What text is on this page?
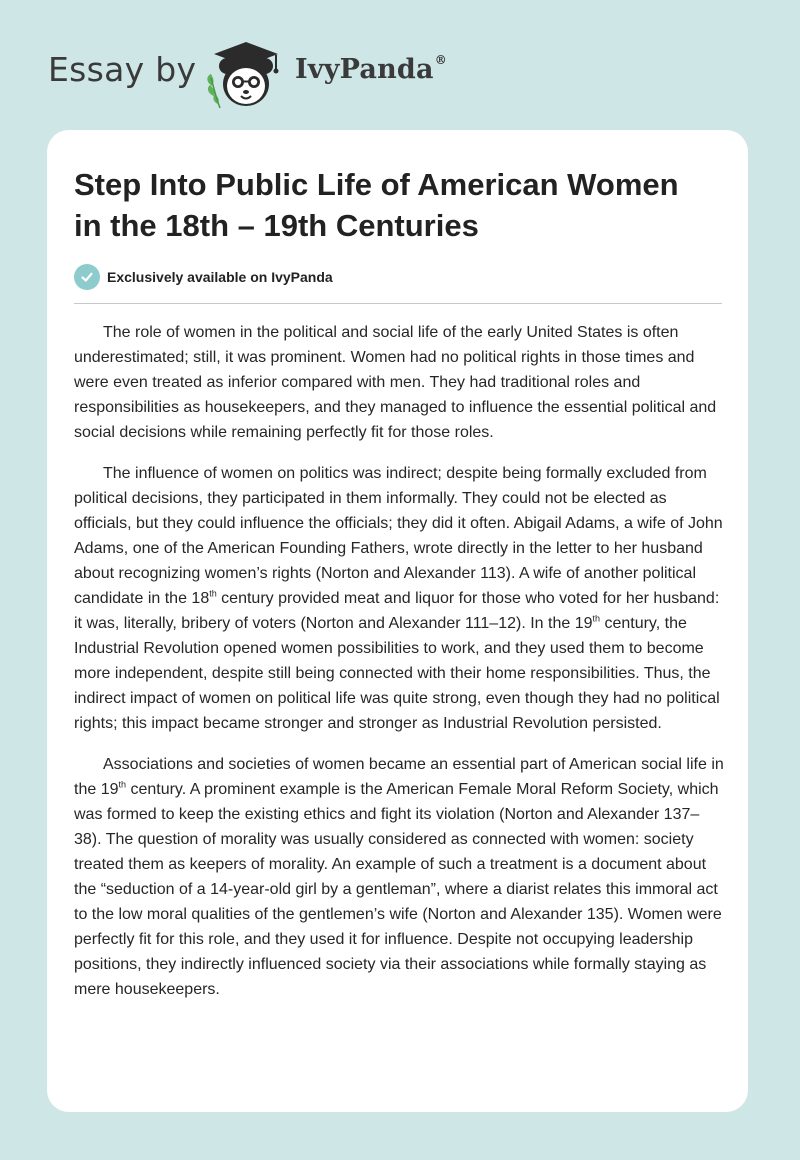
Essay by	IvyPanda®
Step Into Public Life of American Women in the 18th – 19th Centuries
Exclusively available on IvyPanda

The role of women in the political and social life of the early United States is often underestimated; still, it was prominent. Women had no political rights in those times and were even treated as inferior compared with men. They had traditional roles and responsibilities as housekeepers, and they managed to influence the essential political and social decisions while remaining perfectly fit for those roles.

The influence of women on politics was indirect; despite being formally excluded from political decisions, they participated in them informally. They could not be elected as officials, but they could influence the officials; they did it often. Abigail Adams, a wife of John Adams, one of the American Founding Fathers, wrote directly in the letter to her husband about recognizing women’s rights (Norton and Alexander 113). A wife of another political candidate in the 18th century provided meat and liquor for those who voted for her husband: it was, literally, bribery of voters (Norton and Alexander 111–12). In the 19th century, the Industrial Revolution opened women possibilities to work, and they used them to become more independent, despite still being connected with their home responsibilities. Thus, the indirect impact of women on political life was quite strong, even though they had no political rights; this impact became stronger and stronger as Industrial Revolution persisted.

Associations and societies of women became an essential part of American social life in the 19th century. A prominent example is the American Female Moral Reform Society, which was formed to keep the existing ethics and fight its violation (Norton and Alexander 137–38). The question of morality was usually considered as connected with women: society treated them as keepers of morality. An example of such a treatment is a document about the “seduction of a 14-year-old girl by a gentleman”, where a diarist relates this immoral act to the low moral qualities of the gentlemen’s wife (Norton and Alexander 135). Women were perfectly fit for this role, and they used it for influence. Despite not occupying leadership positions, they indirectly influenced society via their associations while formally staying as mere housekeepers.
